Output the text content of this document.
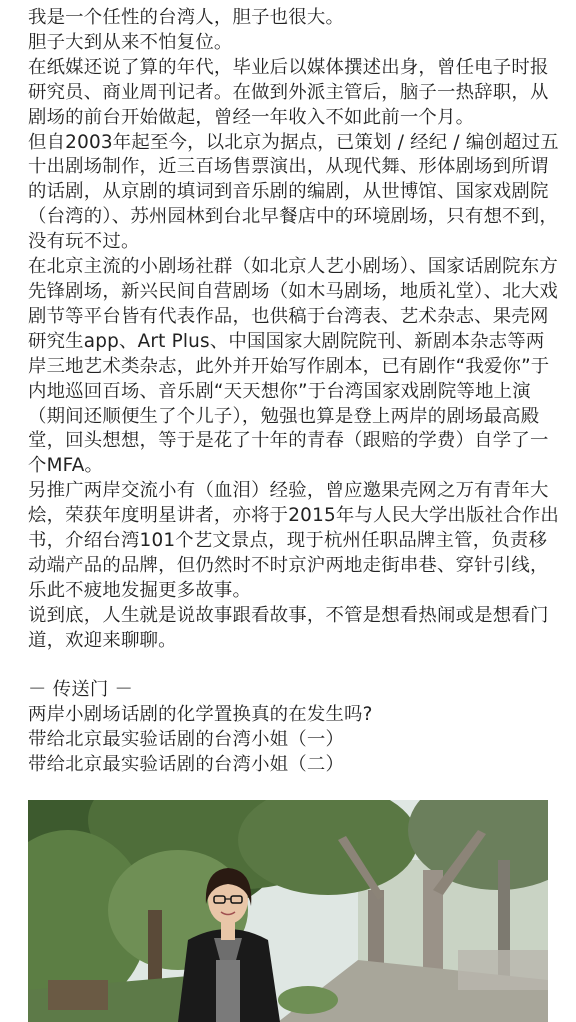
我是一个任性的台湾人，胆子也很大。

胆子大到从来不怕复位。

在纸媒还说了算的年代，毕业后以媒体撰述出身，曾任电子时报研究员、商业周刊记者。在做到外派主管后，脑子一热辞职，从剧场的前台开始做起，曾经一年收入不如此前一个月。

但自2003年起至今，以北京为据点，已策划 / 经纪 / 编创超过五十出剧场制作，近三百场售票演出，从现代舞、形体剧场到所谓的话剧，从京剧的填词到音乐剧的编剧，从世博馆、国家戏剧院（台湾的）、苏州园林到台北早餐店中的环境剧场，只有想不到，没有玩不过。

在北京主流的小剧场社群（如北京人艺小剧场）、国家话剧院东方先锋剧场，新兴民间自营剧场（如木马剧场，地质礼堂）、北大戏剧节等平台皆有代表作品，也供稿于台湾表、艺术杂志、果壳网研究生app、Art Plus、中国国家大剧院院刊、新剧本杂志等两岸三地艺术类杂志，此外并开始写作剧本，已有剧作“我爱你”于内地巡回百场、音乐剧“天天想你”于台湾国家戏剧院等地上演（期间还顺便生了个儿子），勉强也算是登上两岸的剧场最高殿堂，回头想想，等于是花了十年的青春（跟赔的学费）自学了一个MFA。

另推广两岸交流小有（血泪）经验，曾应邀果壳网之万有青年大烩，荣获年度明星讲者，亦将于2015年与人民大学出版社合作出书，介绍台湾101个艺文景点，现于杭州任职品牌主管，负责移动端产品的品牌，但仍然时不时京沪两地走街串巷、穿针引线，乐此不疲地发掘更多故事。

说到底，人生就是说故事跟看故事，不管是想看热闹或是想看门道，欢迎来聊聊。

－ 传送门 －

两岸小剧场话剧的化学置换真的在发生吗?

带给北京最实验话剧的台湾小姐（一）

带给北京最实验话剧的台湾小姐（二）
